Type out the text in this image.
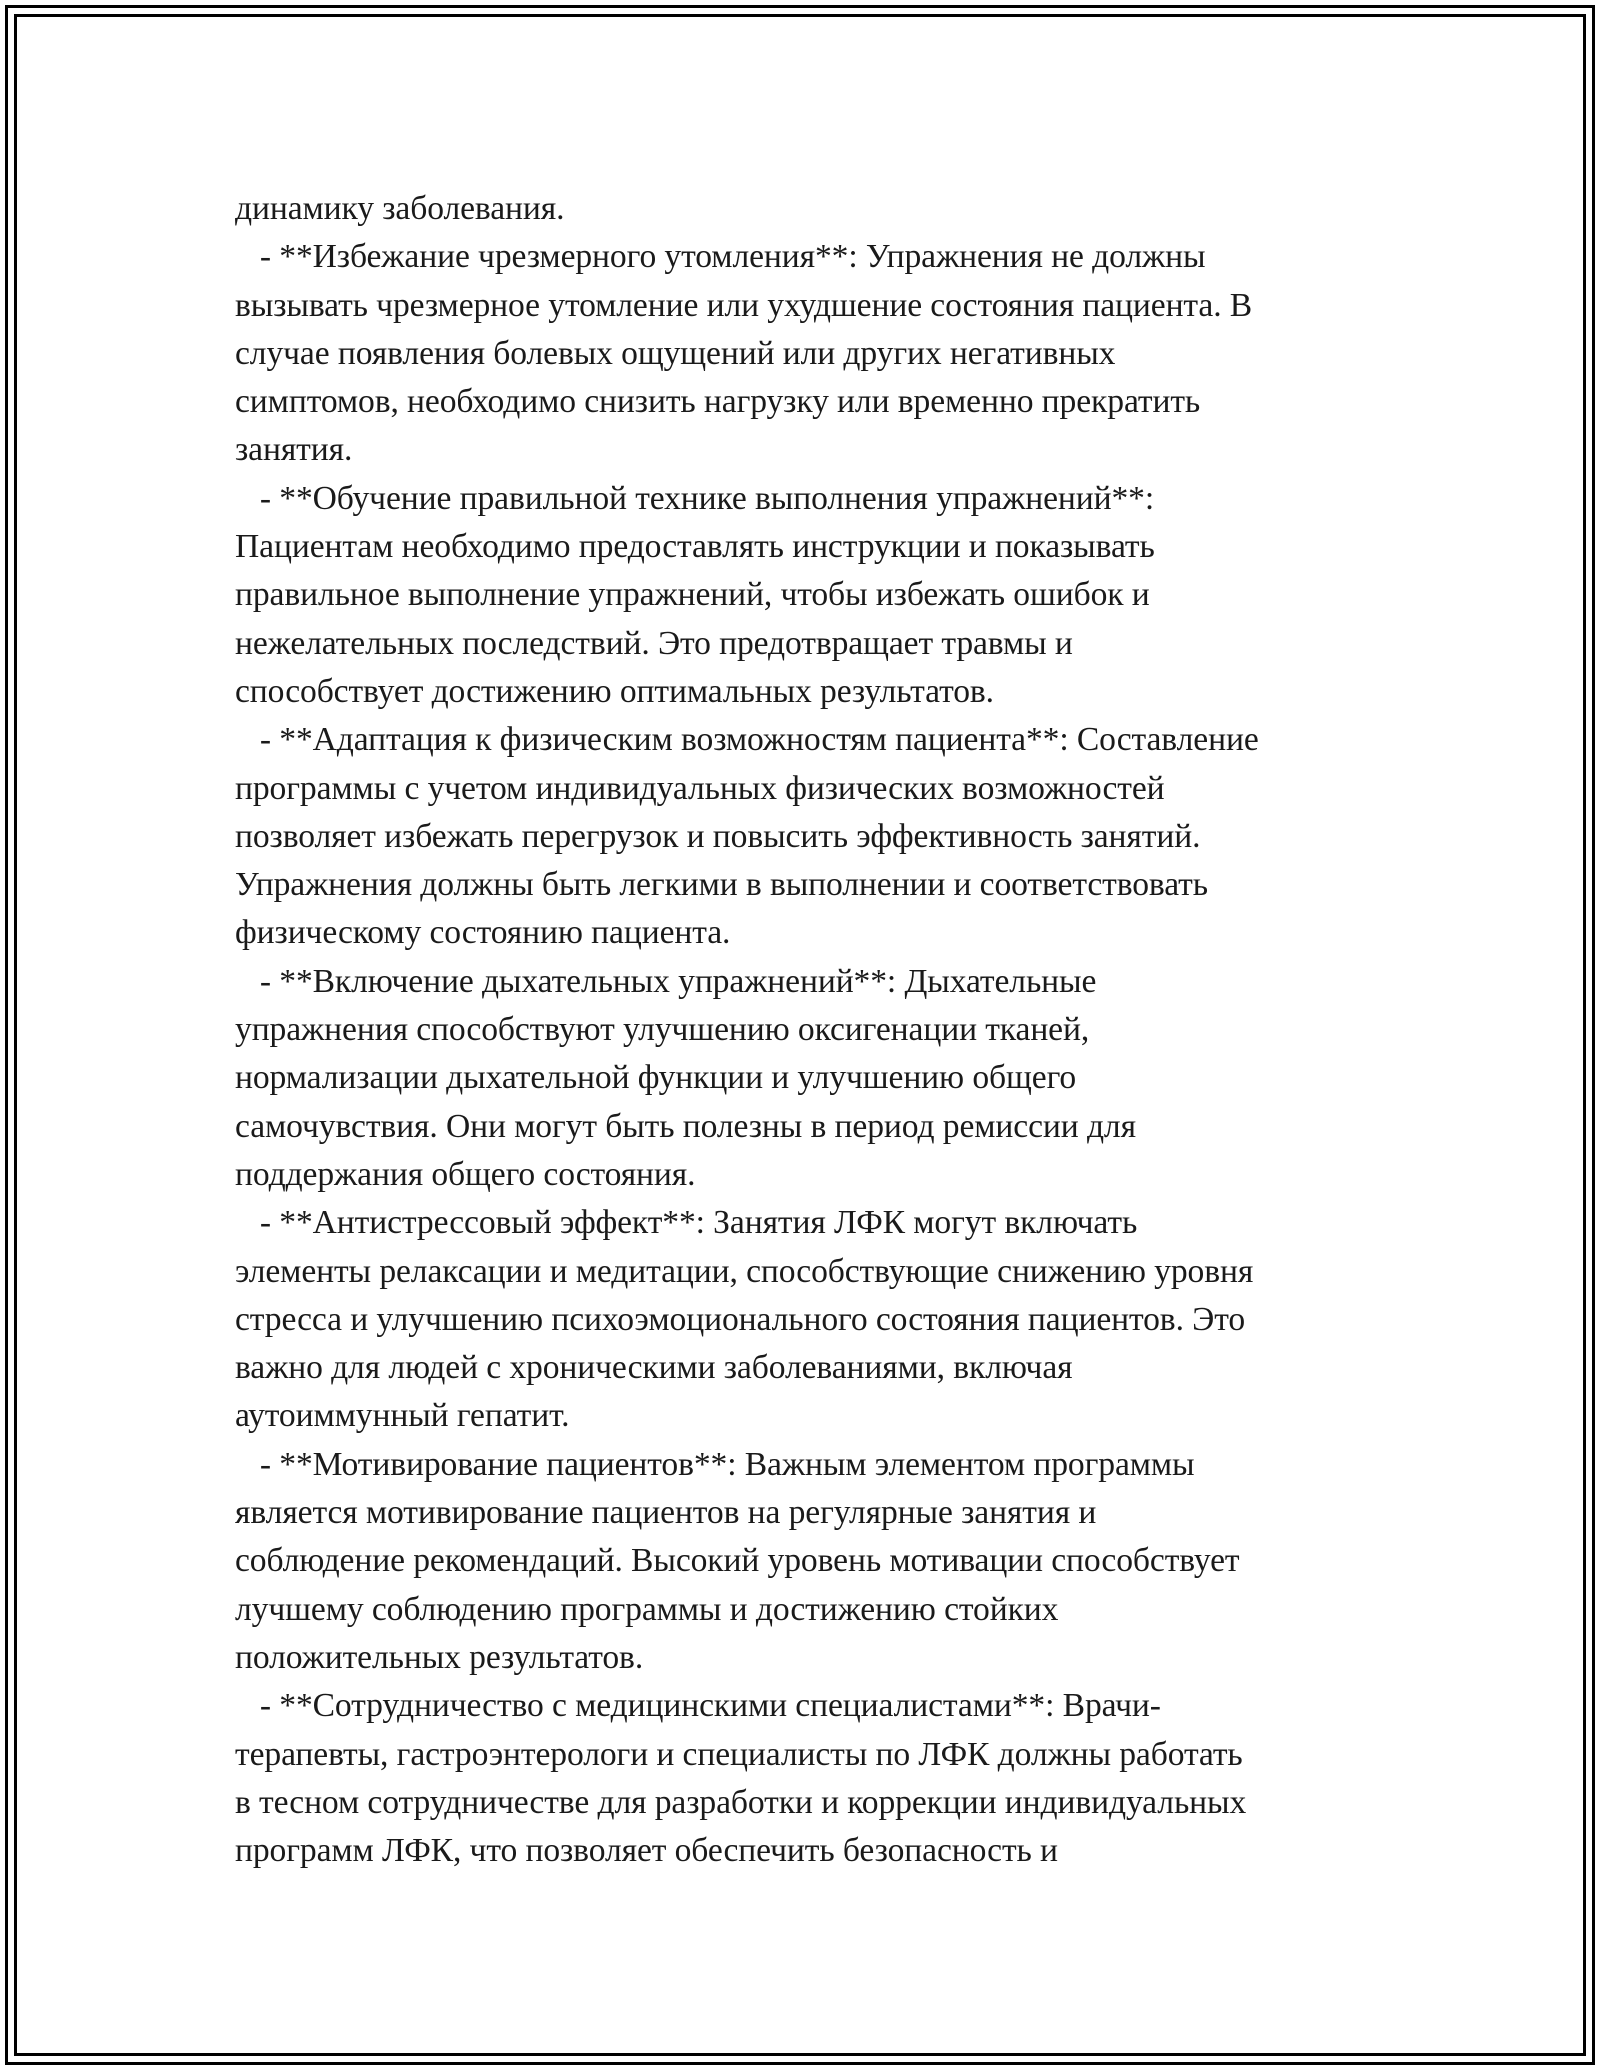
динамику заболевания.
- **Избежание чрезмерного утомления**: Упражнения не должны
вызывать чрезмерное утомление или ухудшение состояния пациента. В
случае появления болевых ощущений или других негативных
симптомов, необходимо снизить нагрузку или временно прекратить
занятия.
- **Обучение правильной технике выполнения упражнений**:
Пациентам необходимо предоставлять инструкции и показывать
правильное выполнение упражнений, чтобы избежать ошибок и
нежелательных последствий. Это предотвращает травмы и
способствует достижению оптимальных результатов.
- **Адаптация к физическим возможностям пациента**: Составление
программы с учетом индивидуальных физических возможностей
позволяет избежать перегрузок и повысить эффективность занятий.
Упражнения должны быть легкими в выполнении и соответствовать
физическому состоянию пациента.
- **Включение дыхательных упражнений**: Дыхательные
упражнения способствуют улучшению оксигенации тканей,
нормализации дыхательной функции и улучшению общего
самочувствия. Они могут быть полезны в период ремиссии для
поддержания общего состояния.
- **Антистрессовый эффект**: Занятия ЛФК могут включать
элементы релаксации и медитации, способствующие снижению уровня
стресса и улучшению психоэмоционального состояния пациентов. Это
важно для людей с хроническими заболеваниями, включая
аутоиммунный гепатит.
- **Мотивирование пациентов**: Важным элементом программы
является мотивирование пациентов на регулярные занятия и
соблюдение рекомендаций. Высокий уровень мотивации способствует
лучшему соблюдению программы и достижению стойких
положительных результатов.
- **Сотрудничество с медицинскими специалистами**: Врачи-
терапевты, гастроэнтерологи и специалисты по ЛФК должны работать
в тесном сотрудничестве для разработки и коррекции индивидуальных
программ ЛФК, что позволяет обеспечить безопасность и
